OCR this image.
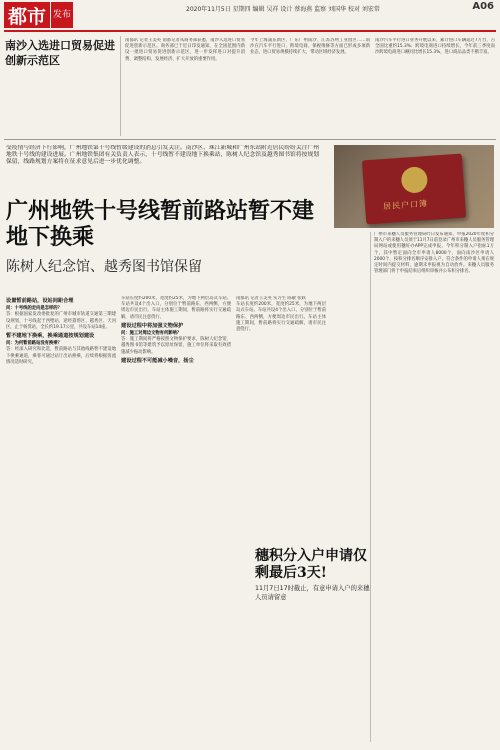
都市 发布
2020年11月5日 星期四 编辑 吴祥 设计 蔡海燕 监察 刘国华 校对 刘宏常	A06
南沙入选进口贸易促进创新示范区
南都讯 记者王美英 南都记者从商务部获悉，南沙入选进口贸易促进创新示范区。商务部已于近日印发通知，在全国范围内新设一批进口贸易促进创新示范区，进一步发挥进口对提升消费、调整结构、发展经济、扩大开放的重要作用。
今年上海浦东新区、广东广州南沙、江苏苏州工业园区……南沙在汽车平行进口、跨境电商、保税维修等方面已形成多项新业态，进口贸易规模持续扩大，带动区域经济发展。
南沙汽车平行进口业务开展以来，累计进口车辆超过7万台，占全国比重约15.3%；跨境电商进口持续增长，今年前三季度南沙跨境电商进口额同比增长15.3%，进口商品品类不断丰富。
受疫情与经济下行影响，广州地铁第十号线暂缓建设的消息引发关注。南沙区、珠江新城和广州东站附近居民纷纷关注广州地铁十号线的建设进展。广州地铁集团有关负责人表示，十号线暂不建设地下换乘站，陈树人纪念馆及越秀图书馆将按规划保留，线路规划方案将在征求意见后进一步优化调整。
广州地铁十号线暂前路站暂不建地下换乘
陈树人纪念馆、越秀图书馆保留
居民户口簿
设置暂前路站，设站间距合理
问：十号线的走向是怎样的？
答：根据国家发改委批复的广州市城市轨道交通第三期建设规划，十号线起于西塱站，途经荔湾区、越秀区、天河区，止于杨箕站，全长约19.17公里，共设车站14座。
暂不建地下换乘，换乘通道按规划建设
问：为何暂前路站没有换乘？
答：经深入研究和比选，暂前路站与其他线路暂不建设地下换乘通道，乘客可通过站厅出站换乘，后续将根据客流情况适时研究。
车站长度约200米，宽度约25米，为地下两层岛式车站。车站共设4个出入口，分别位于暂前路东、西两侧，方便周边市民出行。车站主体施工期间，暂前路将实行交通疏解，请市民注意绕行。
建设过程中将加强文物保护
问：施工对周边文物有何影响？
答：施工期间将严格按照文物保护要求，陈树人纪念馆、越秀图书馆等建筑予以原址保留，施工单位将采取有效措施减少振动影响。
建设过程不可能减小噪音，扬尘
南都讯 记者王美英 实习生 陈敏 张跃
车站长度约200米，宽度约25米，为地下两层岛式车站。车站共设4个出入口，分别位于暂前路东、西两侧，方便周边市民出行。车站主体施工期间，暂前路将实行交通疏解，请市民注意绕行。
广州市来穗人员服务管理局昨日发布通知，申报2020年度积分制入户的来穗人员须于11月7日前登录广州市来穗人员服务管理局网站或使用穗好办APP完成申报。今年积分制入户指标1万个，其中暂定面向全市申请人8000个、面向南沙区申请人2000个，按积分排名顺序安排入户。符合条件的申请人须在规定时间内提交材料，逾期未申报视为自动放弃。来穗人员服务管理部门将于申报结束后组织审核并公布积分排名。
穗积分入户申请仅剩最后3天!
11月7日17时截止，有意申请入户的来穗人员请留意
